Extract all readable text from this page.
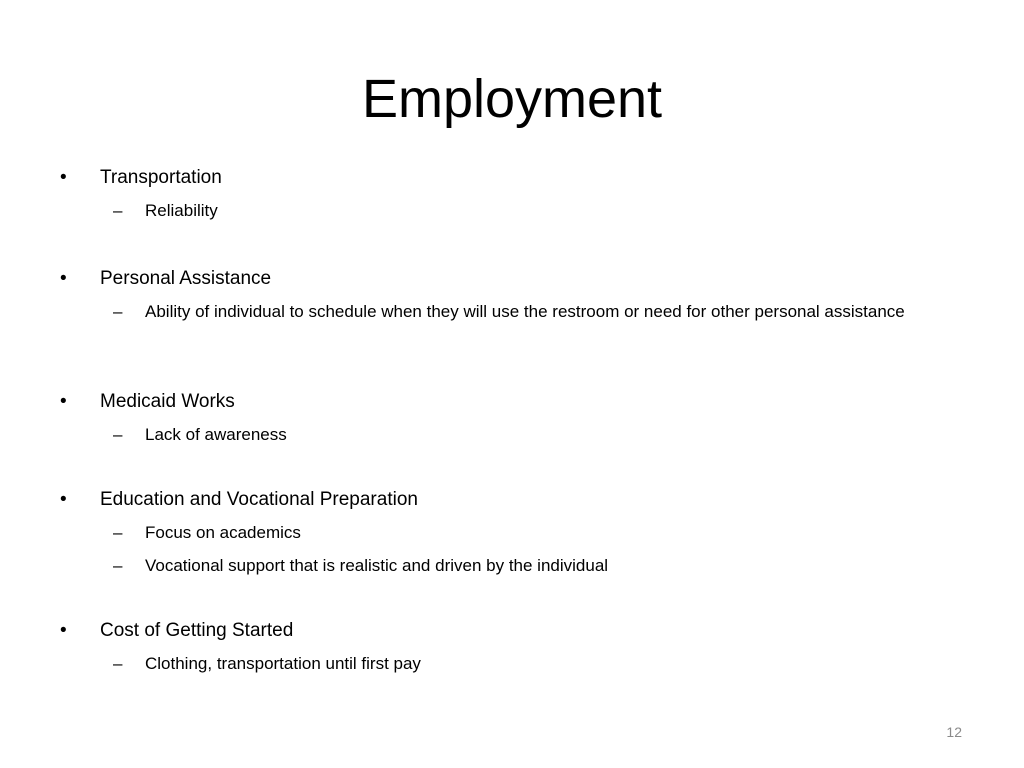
Employment
•	Transportation
–	Reliability
•	Personal Assistance
–	Ability of individual to schedule when they will use the restroom or need for other personal assistance
•	Medicaid Works
–	Lack of awareness
•	Education and Vocational Preparation
–	Focus on academics
–	Vocational support that is realistic and driven by the individual
•	Cost of Getting Started
–	Clothing, transportation until first pay
12
